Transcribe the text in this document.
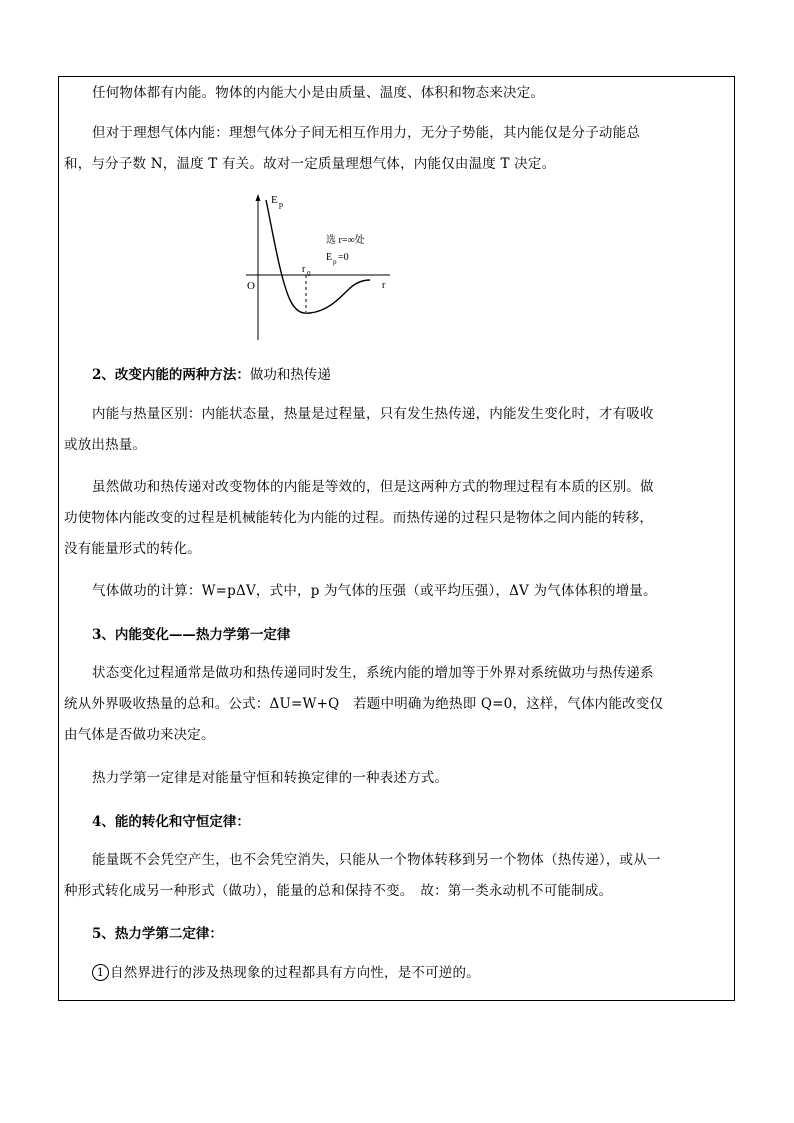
任何物体都有内能。物体的内能大小是由质量、温度、体积和物态来决定。

但对于理想气体内能：理想气体分子间无相互作用力，无分子势能，其内能仅是分子动能总和，与分子数 N，温度 T 有关。故对一定质量理想气体，内能仅由温度 T 决定。

E p
O	r
r 0
选 r=∞处
E p =0

2、改变内能的两种方法：做功和热传递

内能与热量区别：内能状态量，热量是过程量，只有发生热传递，内能发生变化时，才有吸收或放出热量。

虽然做功和热传递对改变物体的内能是等效的，但是这两种方式的物理过程有本质的区别。做功使物体内能改变的过程是机械能转化为内能的过程。而热传递的过程只是物体之间内能的转移，没有能量形式的转化。

气体做功的计算：W=pΔV，式中，p 为气体的压强（或平均压强），ΔV 为气体体积的增量。

3、内能变化——热力学第一定律

状态变化过程通常是做功和热传递同时发生，系统内能的增加等于外界对系统做功与热传递系统从外界吸收热量的总和。公式：ΔU=W+Q　若题中明确为绝热即 Q=0，这样，气体内能改变仅由气体是否做功来决定。

热力学第一定律是对能量守恒和转换定律的一种表述方式。

4、能的转化和守恒定律：

能量既不会凭空产生，也不会凭空消失，只能从一个物体转移到另一个物体（热传递），或从一种形式转化成另一种形式（做功），能量的总和保持不变。　故：第一类永动机不可能制成。

5、热力学第二定律：

1 自然界进行的涉及热现象的过程都具有方向性，是不可逆的。
